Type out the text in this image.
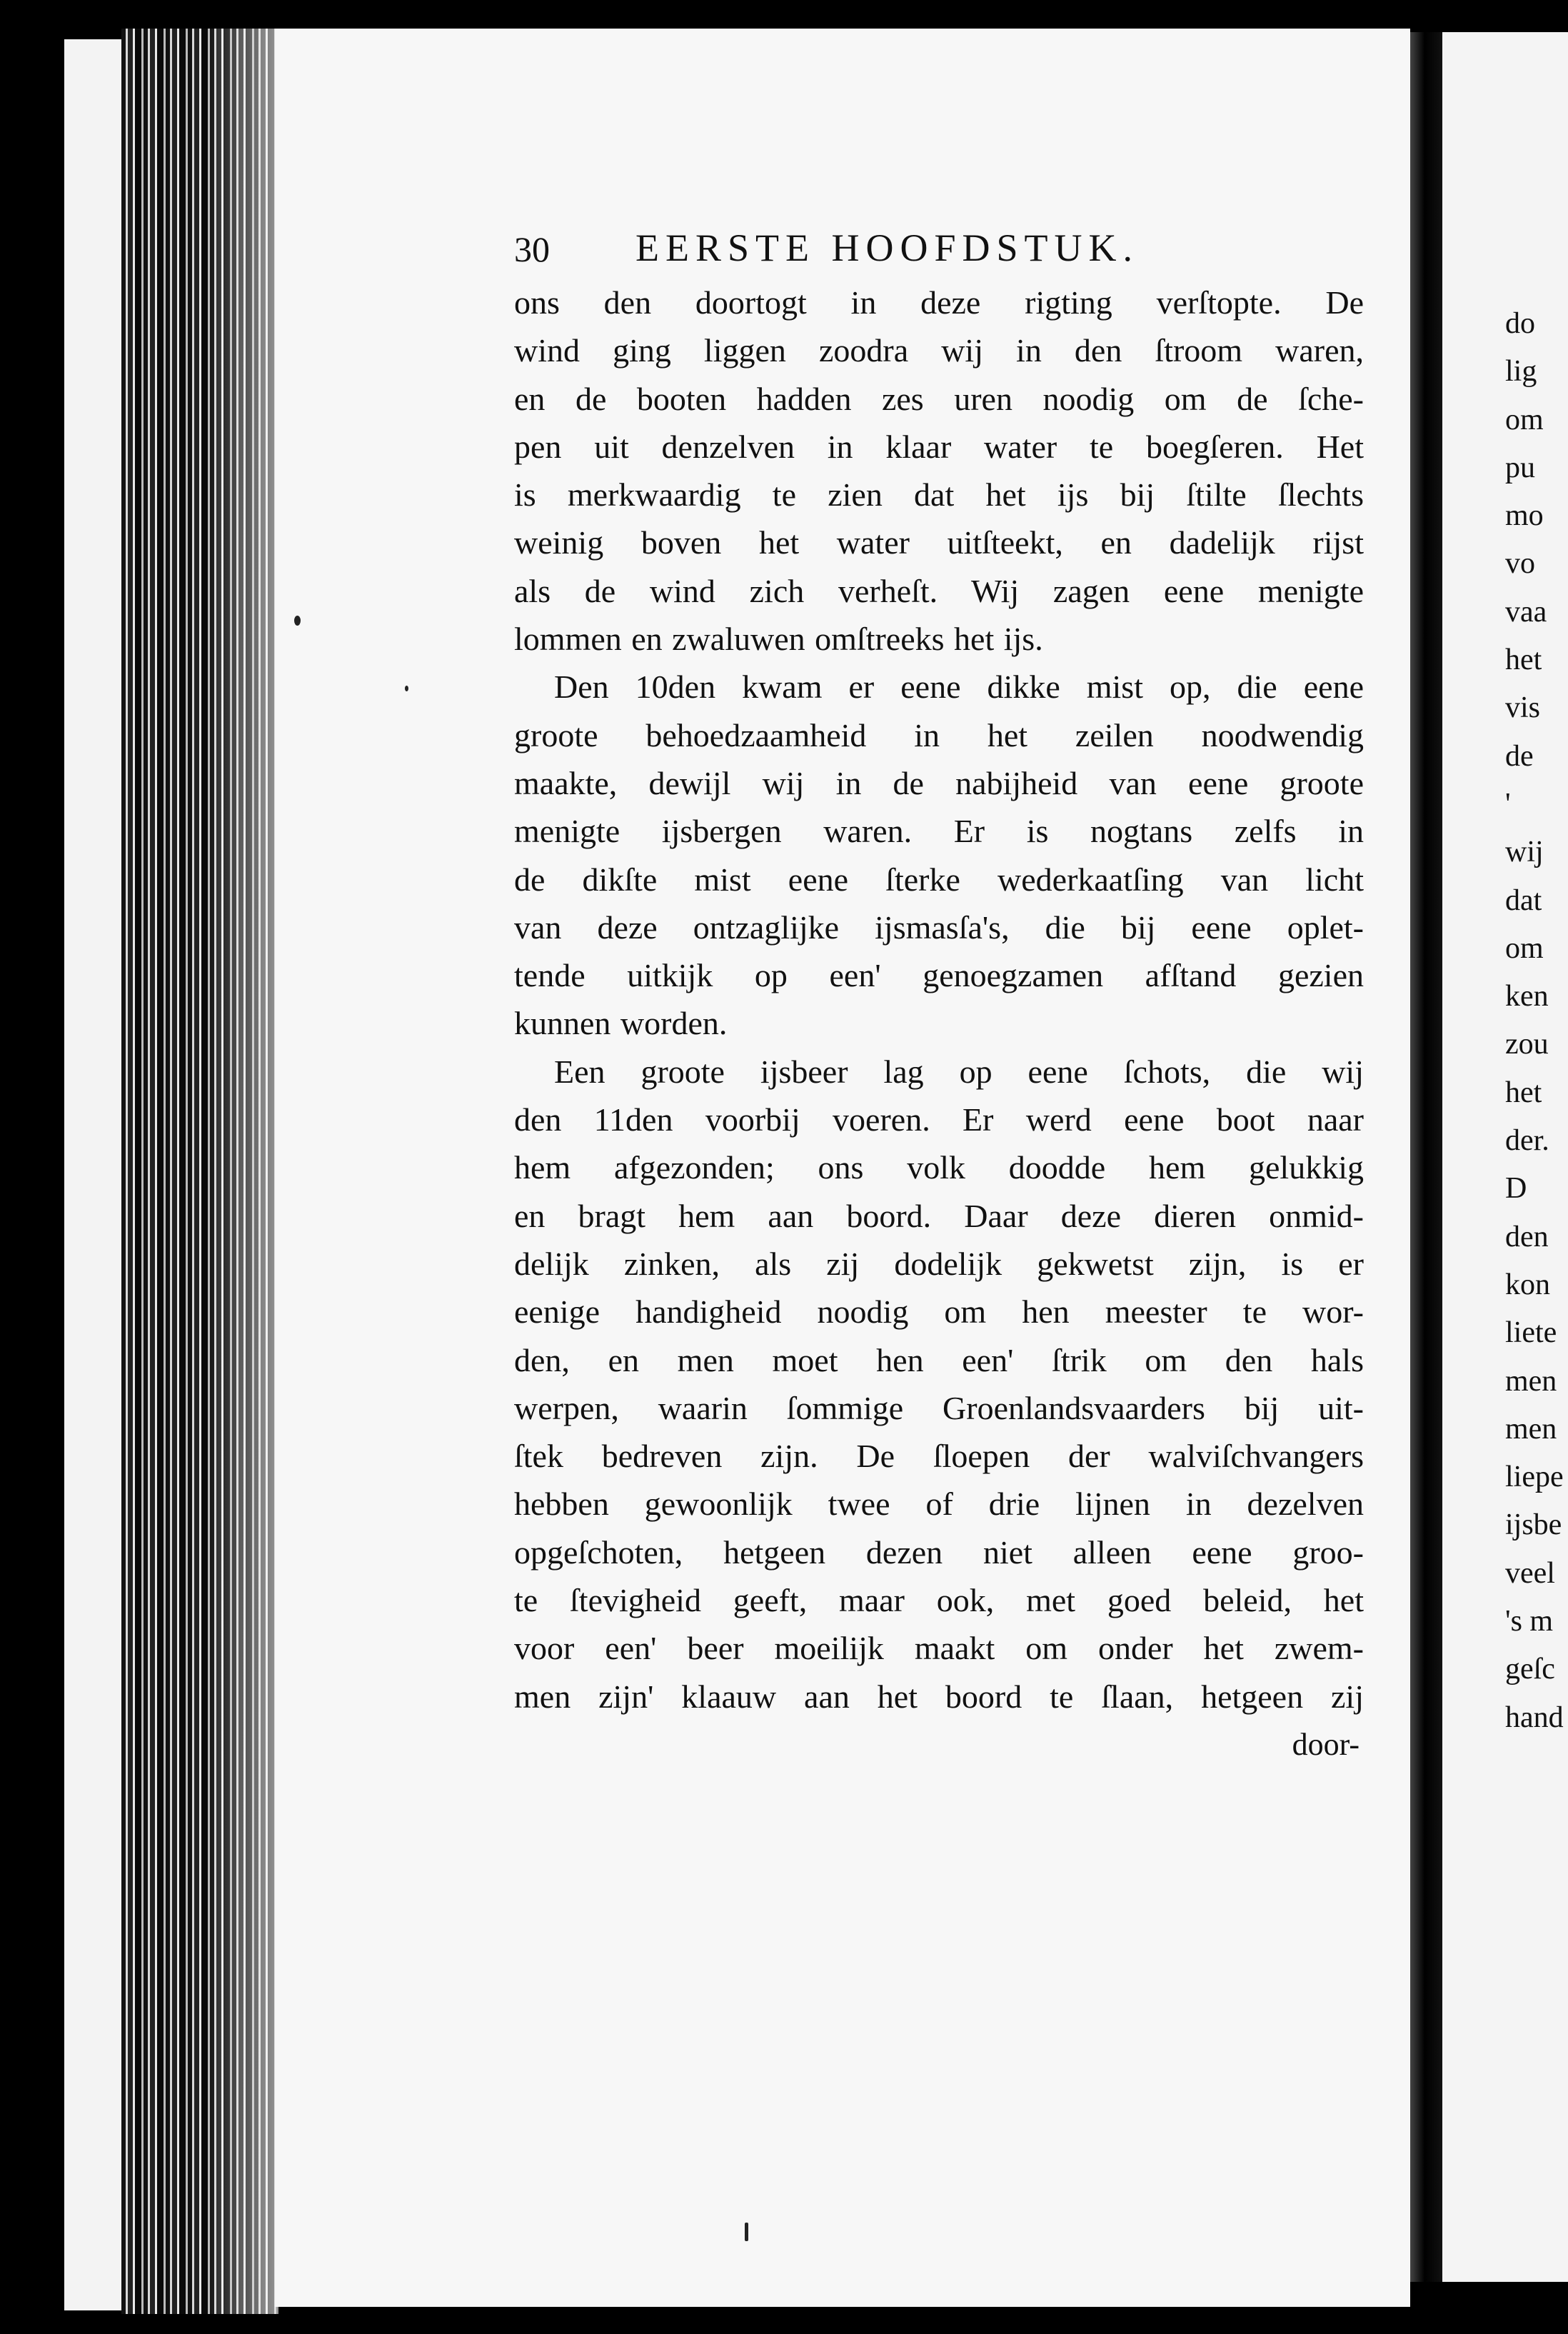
30 EERSTE HOOFDSTUK.
ons den doortogt in deze rigting verſtopte. De
wind ging liggen zoodra wij in den ſtroom waren,
en de booten hadden zes uren noodig om de ſche-
pen uit denzelven in klaar water te boegſeren. Het
is merkwaardig te zien dat het ijs bij ſtilte ſlechts
weinig boven het water uitſteekt, en dadelijk rijst
als de wind zich verheſt. Wij zagen eene menigte
lommen en zwaluwen omſtreeks het ijs.
Den 10den kwam er eene dikke mist op, die eene
groote behoedzaamheid in het zeilen noodwendig
maakte, dewijl wij in de nabijheid van eene groote
menigte ijsbergen waren. Er is nogtans zelfs in
de dikſte mist eene ſterke wederkaatſing van licht
van deze ontzaglijke ijsmasſa's, die bij eene oplet-
tende uitkijk op een' genoegzamen afſtand gezien
kunnen worden.
Een groote ijsbeer lag op eene ſchots, die wij
den 11den voorbij voeren. Er werd eene boot naar
hem afgezonden; ons volk doodde hem gelukkig
en bragt hem aan boord. Daar deze dieren onmid-
delijk zinken, als zij dodelijk gekwetst zijn, is er
eenige handigheid noodig om hen meester te wor-
den, en men moet hen een' ſtrik om den hals
werpen, waarin ſommige Groenlandsvaarders bij uit-
ſtek bedreven zijn. De ſloepen der walviſchvangers
hebben gewoonlijk twee of drie lijnen in dezelven
opgeſchoten, hetgeen dezen niet alleen eene groo-
te ſtevigheid geeft, maar ook, met goed beleid, het
voor een' beer moeilijk maakt om onder het zwem-
men zijn' klaauw aan het boord te ſlaan, hetgeen zij
door-
do
lig
om
pu
mo
vo
vaa
het
vis
de
'
wij
dat
om
ken
zou
het
der.
D
den
kon
liete
men
men
liepe
ijsbe
veel
's m
geſc
hand
